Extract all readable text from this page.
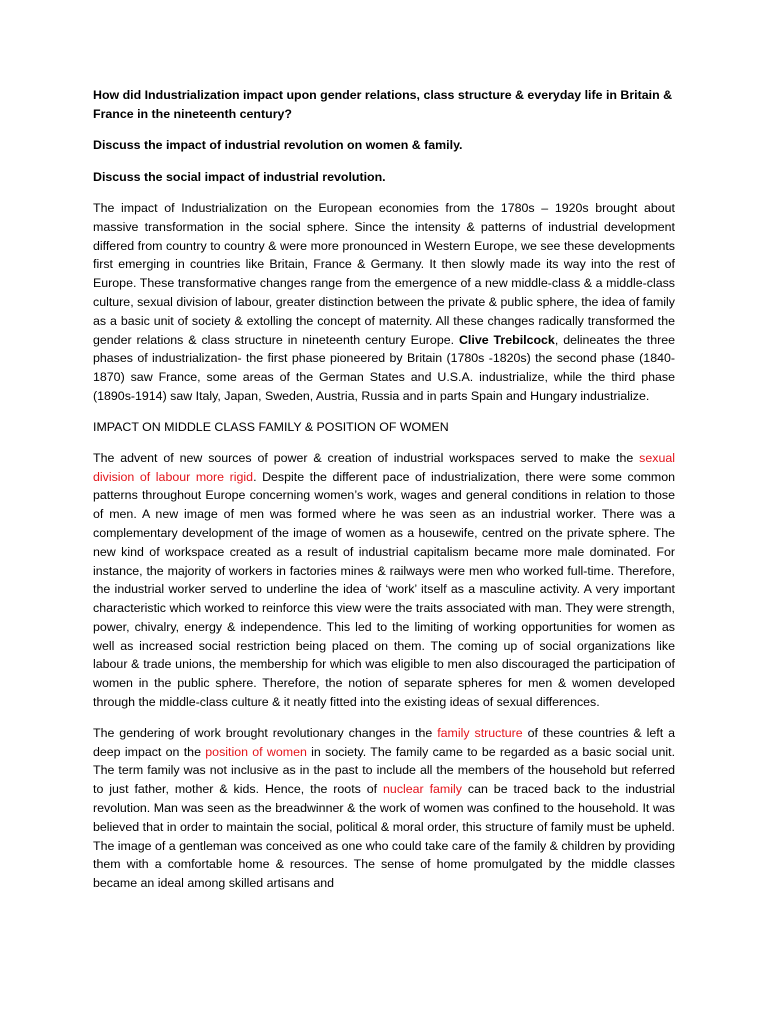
How did Industrialization impact upon gender relations, class structure & everyday life in Britain & France in the nineteenth century?

Discuss the impact of industrial revolution on women & family.

Discuss the social impact of industrial revolution.

The impact of Industrialization on the European economies from the 1780s – 1920s brought about massive transformation in the social sphere. Since the intensity & patterns of industrial development differed from country to country & were more pronounced in Western Europe, we see these developments first emerging in countries like Britain, France & Germany. It then slowly made its way into the rest of Europe. These transformative changes range from the emergence of a new middle-class & a middle-class culture, sexual division of labour, greater distinction between the private & public sphere, the idea of family as a basic unit of society & extolling the concept of maternity. All these changes radically transformed the gender relations & class structure in nineteenth century Europe. Clive Trebilcock, delineates the three phases of industrialization- the first phase pioneered by Britain (1780s -1820s) the second phase (1840-1870) saw France, some areas of the German States and U.S.A. industrialize, while the third phase (1890s-1914) saw Italy, Japan, Sweden, Austria, Russia and in parts Spain and Hungary industrialize.

IMPACT ON MIDDLE CLASS FAMILY & POSITION OF WOMEN

The advent of new sources of power & creation of industrial workspaces served to make the sexual division of labour more rigid. Despite the different pace of industrialization, there were some common patterns throughout Europe concerning women’s work, wages and general conditions in relation to those of men. A new image of men was formed where he was seen as an industrial worker. There was a complementary development of the image of women as a housewife, centred on the private sphere. The new kind of workspace created as a result of industrial capitalism became more male dominated. For instance, the majority of workers in factories mines & railways were men who worked full-time. Therefore, the industrial worker served to underline the idea of ‘work’ itself as a masculine activity. A very important characteristic which worked to reinforce this view were the traits associated with man. They were strength, power, chivalry, energy & independence. This led to the limiting of working opportunities for women as well as increased social restriction being placed on them. The coming up of social organizations like labour & trade unions, the membership for which was eligible to men also discouraged the participation of women in the public sphere. Therefore, the notion of separate spheres for men & women developed through the middle-class culture & it neatly fitted into the existing ideas of sexual differences.

The gendering of work brought revolutionary changes in the family structure of these countries & left a deep impact on the position of women in society. The family came to be regarded as a basic social unit. The term family was not inclusive as in the past to include all the members of the household but referred to just father, mother & kids. Hence, the roots of nuclear family can be traced back to the industrial revolution. Man was seen as the breadwinner & the work of women was confined to the household. It was believed that in order to maintain the social, political & moral order, this structure of family must be upheld. The image of a gentleman was conceived as one who could take care of the family & children by providing them with a comfortable home & resources. The sense of home promulgated by the middle classes became an ideal among skilled artisans and
